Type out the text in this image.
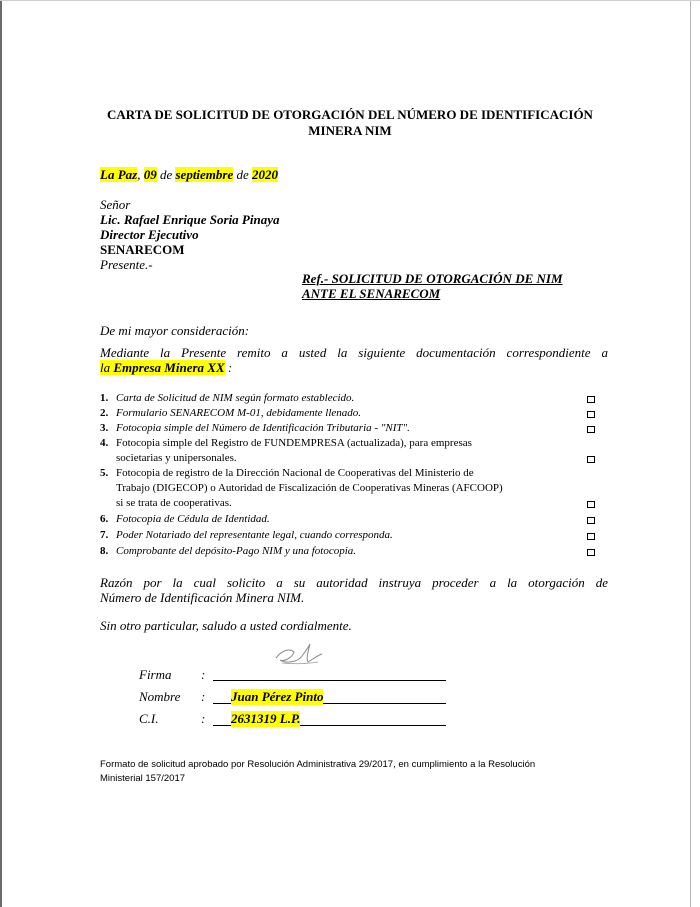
CARTA DE SOLICITUD DE OTORGACIÓN DEL NÚMERO DE IDENTIFICACIÓN
MINERA NIM
La Paz, 09 de septiembre de 2020
Señor
Lic. Rafael Enrique Soria Pinaya
Director Ejecutivo
SENARECOM
Presente.-
Ref.- SOLICITUD DE OTORGACIÓN DE NIM
ANTE EL SENARECOM
De mi mayor consideración:
Mediante la Presente remito a usted la siguiente documentación correspondiente a
la Empresa Minera XX :
1. Carta de Solicitud de NIM según formato establecido.
2. Formulario SENARECOM M-01, debidamente llenado.
3. Fotocopia simple del Número de Identificación Tributaria - "NIT".
4. Fotocopia simple del Registro de FUNDEMPRESA (actualizada), para empresas
societarias y unipersonales.
5. Fotocopia de registro de la Dirección Nacional de Cooperativas del Ministerio de
Trabajo (DIGECOP) o Autoridad de Fiscalización de Cooperativas Mineras (AFCOOP)
si se trata de cooperativas.
6. Fotocopia de Cédula de Identidad.
7. Poder Notariado del representante legal, cuando corresponda.
8. Comprobante del depósito-Pago NIM y una fotocopia.
Razón por la cual solicito a su autoridad instruya proceder a la otorgación de
Número de Identificación Minera NIM.
Sin otro particular, saludo a usted cordialmente.
Firma :
Nombre : Juan Pérez Pinto
C.I.	: 2631319 L.P.
Formato de solicitud aprobado por Resolución Administrativa 29/2017, en cumplimiento a la Resolución
Ministerial 157/2017
